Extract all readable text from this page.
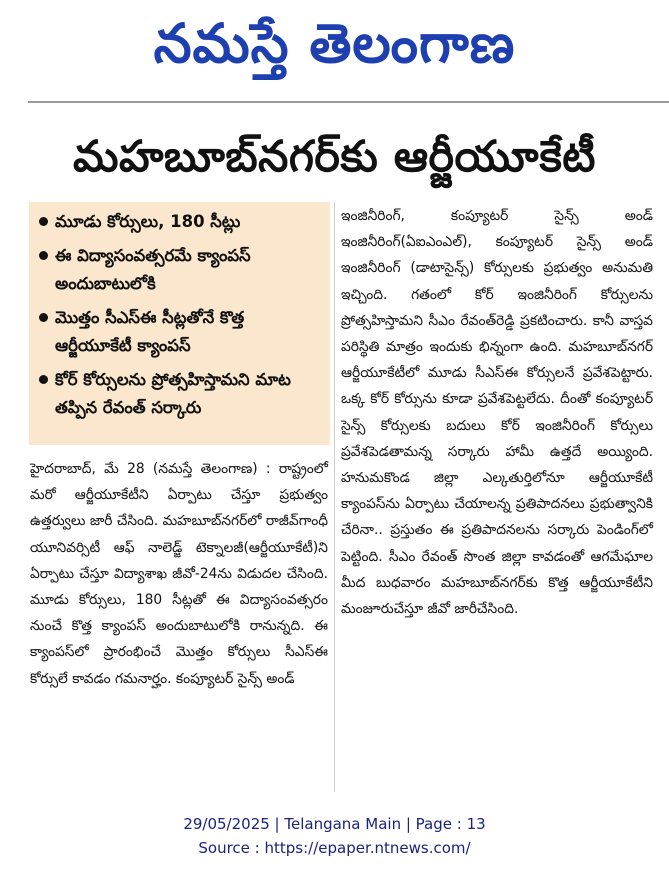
నమస్తే తెలంగాణ
మహబూబ్‌నగర్‌కు ఆర్జీయూకేటీ
మూడు కోర్సులు, 180 సీట్లు
ఈ విద్యాసంవత్సరమే క్యాంపస్ అందుబాటులోకి
మొత్తం సీఎస్ఈ సీట్లతోనే కొత్త ఆర్జీయూకేటీ క్యాంపస్
కోర్ కోర్సులను ప్రోత్సహిస్తామని మాట తప్పిన రేవంత్ సర్కారు
హైదరాబాద్, మే 28 (నమస్తే తెలంగాణ) : రాష్ట్రంలో మరో ఆర్జీయూకేటీని ఏర్పాటు చేస్తూ ప్రభుత్వం ఉత్తర్వులు జారీ చేసింది. మహబూబ్‌నగర్‌లో రాజీవ్‌గాంధీ యూనివర్సిటీ ఆఫ్ నాలెడ్జ్ టెక్నాలజీ(ఆర్జీయూకేటీ)ని ఏర్పాటు చేస్తూ విద్యాశాఖ జీవో-24ను విడుదల చేసింది. మూడు కోర్సులు, 180 సీట్లతో ఈ విద్యాసంవత్సరం నుంచే కొత్త క్యాంపస్ అందుబాటులోకి రానున్నది. ఈ క్యాంపస్‌లో ప్రారంభించే మొత్తం కోర్సులు సీఎస్ఈ కోర్సులే కావడం గమనార్హం. కంప్యూటర్ సైన్స్ అండ్
ఇంజినీరింగ్, కంప్యూటర్ సైన్స్ అండ్ ఇంజినీరింగ్(ఏఐఎంఎల్), కంప్యూటర్ సైన్స్ అండ్ ఇంజినీరింగ్ (డాటాసైన్స్) కోర్సులకు ప్రభుత్వం అనుమతి ఇచ్చింది. గతంలో కోర్ ఇంజినీరింగ్ కోర్సులను ప్రోత్సహిస్తామని సీఎం రేవంత్‌రెడ్డి ప్రకటించారు. కానీ వాస్తవ పరిస్థితి మాత్రం ఇందుకు భిన్నంగా ఉంది. మహబూబ్‌నగర్ ఆర్జీయూకేటీలో మూడు సీఎస్ఈ కోర్సులనే ప్రవేశపెట్టారు. ఒక్క కోర్ కోర్సును కూడా ప్రవేశపెట్టలేదు. దీంతో కంప్యూటర్ సైన్స్ కోర్సులకు బదులు కోర్ ఇంజినీరింగ్ కోర్సులు ప్రవేశపెడతామన్న సర్కారు హామీ ఉత్తదే అయ్యింది. హనుమకొండ జిల్లా ఎల్కతుర్తిలోనూ ఆర్జీయూకేటీ క్యాంపస్‌ను ఏర్పాటు చేయాలన్న ప్రతిపాదనలు ప్రభుత్వానికి చేరినా.. ప్రస్తుతం ఈ ప్రతిపాదనలను సర్కారు పెండింగ్‌లో పెట్టింది. సీఎం రేవంత్ సొంత జిల్లా కావడంతో ఆగమేఘాల మీద బుధవారం మహబూబ్‌నగర్‌కు కొత్త ఆర్జీయూకేటీని మంజూరుచేస్తూ జీవో జారీచేసింది.
29/05/2025 | Telangana Main | Page : 13
Source : https://epaper.ntnews.com/
